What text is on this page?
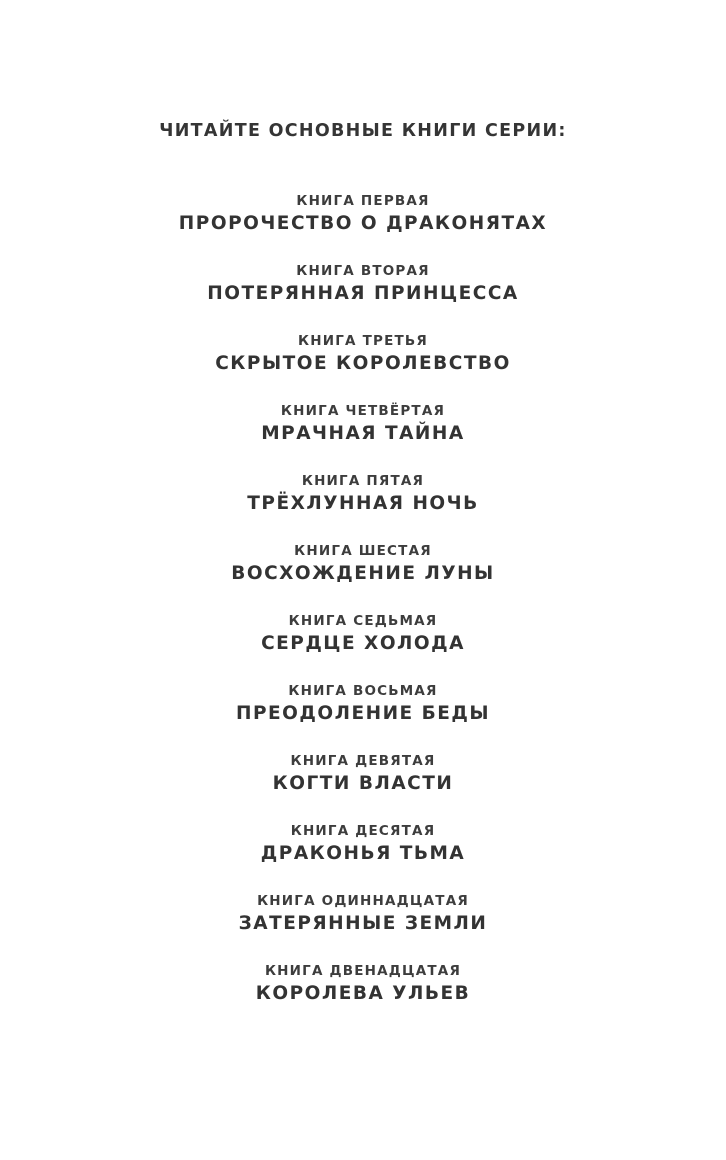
ЧИТАЙТЕ ОСНОВНЫЕ КНИГИ СЕРИИ:
КНИГА ПЕРВАЯ
ПРОРОЧЕСТВО О ДРАКОНЯТАХ
КНИГА ВТОРАЯ
ПОТЕРЯННАЯ ПРИНЦЕССА
КНИГА ТРЕТЬЯ
СКРЫТОЕ КОРОЛЕВСТВО
КНИГА ЧЕТВЁРТАЯ
МРАЧНАЯ ТАЙНА
КНИГА ПЯТАЯ
ТРЁХЛУННАЯ НОЧЬ
КНИГА ШЕСТАЯ
ВОСХОЖДЕНИЕ ЛУНЫ
КНИГА СЕДЬМАЯ
СЕРДЦЕ ХОЛОДА
КНИГА ВОСЬМАЯ
ПРЕОДОЛЕНИЕ БЕДЫ
КНИГА ДЕВЯТАЯ
КОГТИ ВЛАСТИ
КНИГА ДЕСЯТАЯ
ДРАКОНЬЯ ТЬМА
КНИГА ОДИННАДЦАТАЯ
ЗАТЕРЯННЫЕ ЗЕМЛИ
КНИГА ДВЕНАДЦАТАЯ
КОРОЛЕВА УЛЬЕВ
